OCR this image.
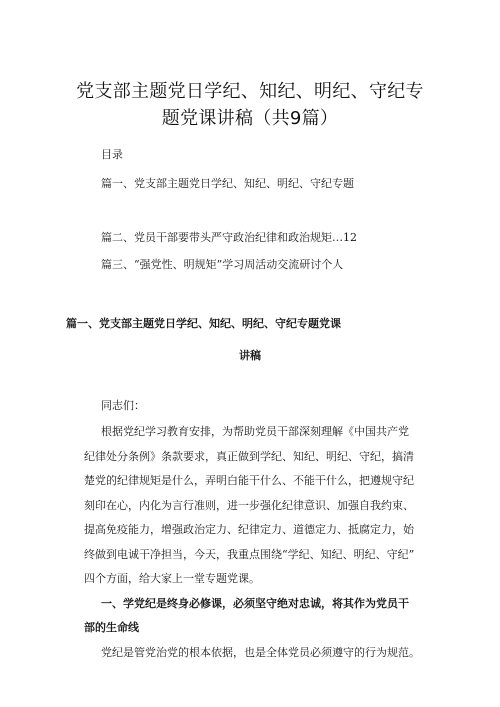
党支部主题党日学纪、知纪、明纪、守纪专
题党课讲稿（共9篇）
目录
篇一、党支部主题党日学纪、知纪、明纪、守纪专题
篇二、党员干部要带头严守政治纪律和政治规矩…12
篇三、“强党性、明规矩”学习周活动交流研讨个人
篇一、党支部主题党日学纪、知纪、明纪、守纪专题党课
讲稿
同志们：
根据党纪学习教育安排，为帮助党员干部深刻理解《中国共产党
纪律处分条例》条款要求，真正做到学纪、知纪、明纪、守纪，搞清
楚党的纪律规矩是什么，弄明白能干什么、不能干什么，把遵规守纪
刻印在心，内化为言行准则，进一步强化纪律意识、加强自我约束、
提高免疫能力，增强政治定力、纪律定力、道德定力、抵腐定力，始
终做到电诚干净担当，今天，我重点围绕“学纪、知纪、明纪、守纪”
四个方面，给大家上一堂专题党课。
一、学党纪是终身必修课，必须坚守绝对忠诚，将其作为党员干
部的生命线
党纪是管党治党的根本依据，也是全体党员必须遵守的行为规范。
